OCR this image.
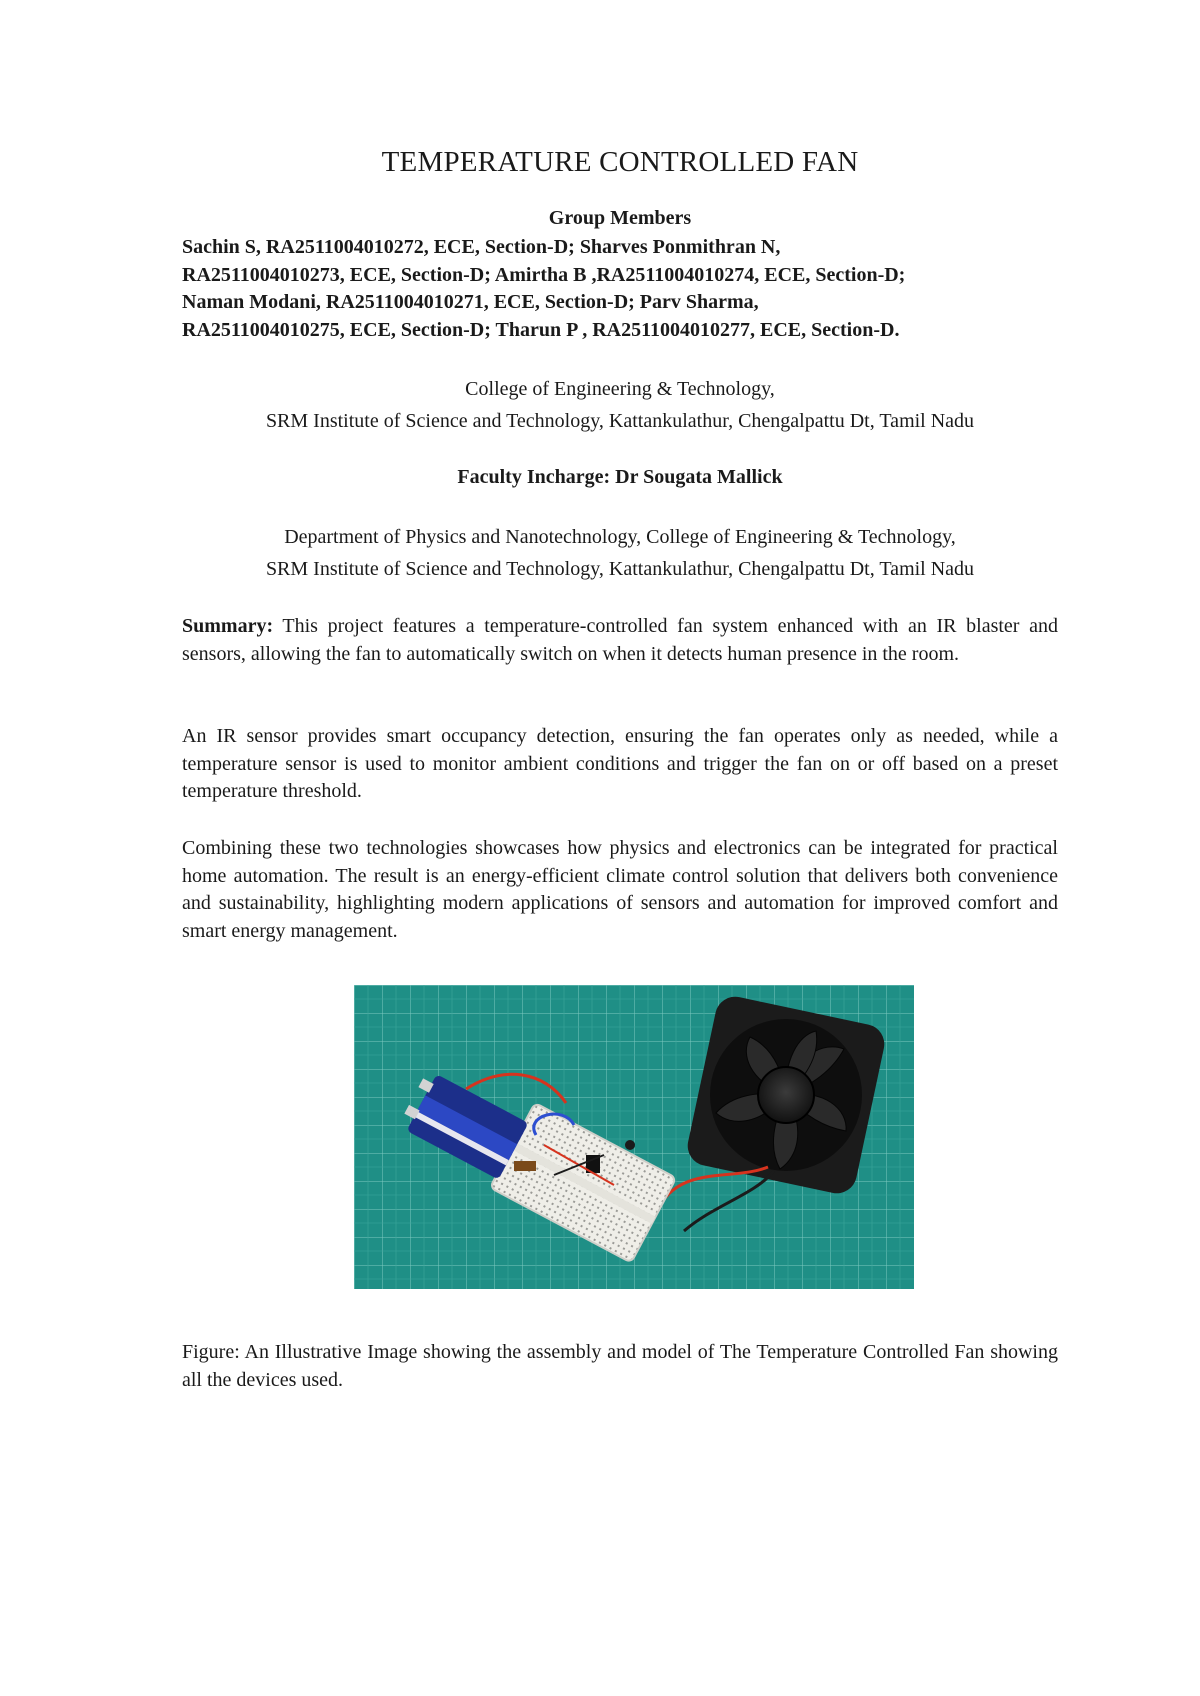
TEMPERATURE CONTROLLED FAN
Group Members
Sachin S, RA2511004010272, ECE, Section-D; Sharves Ponmithran N,
RA2511004010273, ECE, Section-D; Amirtha B ,RA2511004010274, ECE, Section-D;
Naman Modani, RA2511004010271, ECE, Section-D; Parv Sharma,
RA2511004010275, ECE, Section-D; Tharun P , RA2511004010277, ECE, Section-D.
College of Engineering & Technology,
SRM Institute of Science and Technology, Kattankulathur, Chengalpattu Dt, Tamil Nadu
Faculty Incharge: Dr Sougata Mallick
Department of Physics and Nanotechnology, College of Engineering & Technology,
SRM Institute of Science and Technology, Kattankulathur, Chengalpattu Dt, Tamil Nadu

Summary: This project features a temperature-controlled fan system enhanced with an IR blaster and sensors, allowing the fan to automatically switch on when it detects human presence in the room.

An IR sensor provides smart occupancy detection, ensuring the fan operates only as needed, while a temperature sensor is used to monitor ambient conditions and trigger the fan on or off based on a preset temperature threshold.

Combining these two technologies showcases how physics and electronics can be integrated for practical home automation. The result is an energy-efficient climate control solution that delivers both convenience and sustainability, highlighting modern applications of sensors and automation for improved comfort and smart energy management.

Figure: An Illustrative Image showing the assembly and model of The Temperature Controlled Fan showing all the devices used.
